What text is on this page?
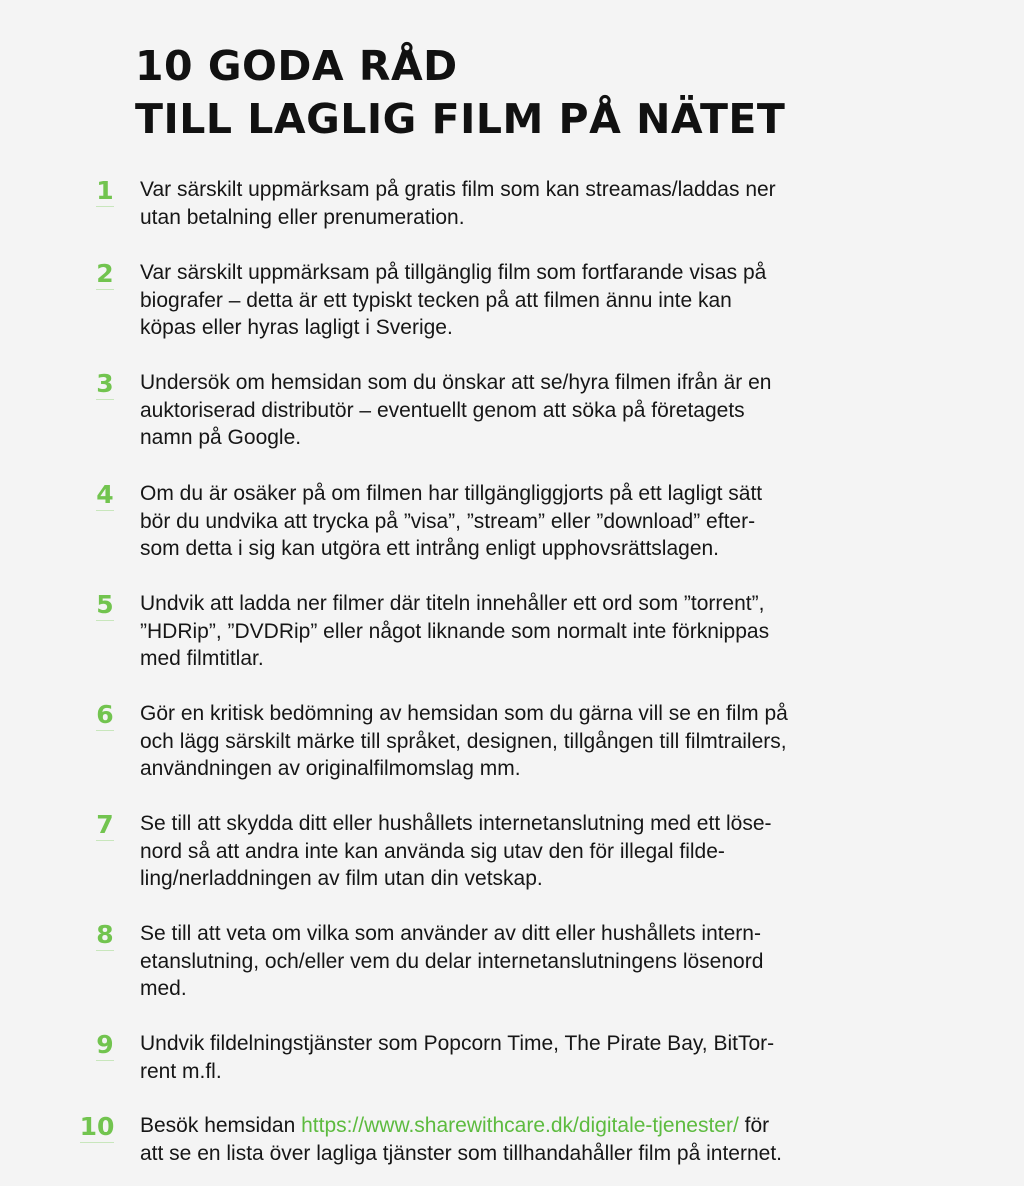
10 GODA RÅD
TILL LAGLIG FILM PÅ NÄTET
1	Var särskilt uppmärksam på gratis film som kan streamas/laddas ner
utan betalning eller prenumeration.
2	Var särskilt uppmärksam på tillgänglig film som fortfarande visas på
biografer – detta är ett typiskt tecken på att filmen ännu inte kan
köpas eller hyras lagligt i Sverige.
3	Undersök om hemsidan som du önskar att se/hyra filmen ifrån är en
auktoriserad distributör – eventuellt genom att söka på företagets
namn på Google.
4	Om du är osäker på om filmen har tillgängliggjorts på ett lagligt sätt
bör du undvika att trycka på ”visa”, ”stream” eller ”download” efter-
som detta i sig kan utgöra ett intrång enligt upphovsrättslagen.
5	Undvik att ladda ner filmer där titeln innehåller ett ord som ”torrent”,
”HDRip”, ”DVDRip” eller något liknande som normalt inte förknippas
med filmtitlar.
6	Gör en kritisk bedömning av hemsidan som du gärna vill se en film på
och lägg särskilt märke till språket, designen, tillgången till filmtrailers,
användningen av originalfilmomslag mm.
7	Se till att skydda ditt eller hushållets internetanslutning med ett löse-
nord så att andra inte kan använda sig utav den för illegal filde-
ling/nerladdningen av film utan din vetskap.
8	Se till att veta om vilka som använder av ditt eller hushållets intern-
etanslutning, och/eller vem du delar internetanslutningens lösenord
med.
9	Undvik fildelningstjänster som Popcorn Time, The Pirate Bay, BitTor-
rent m.fl.
10	Besök hemsidan https://www.sharewithcare.dk/digitale-tjenester/ för
att se en lista över lagliga tjänster som tillhandahåller film på internet.
